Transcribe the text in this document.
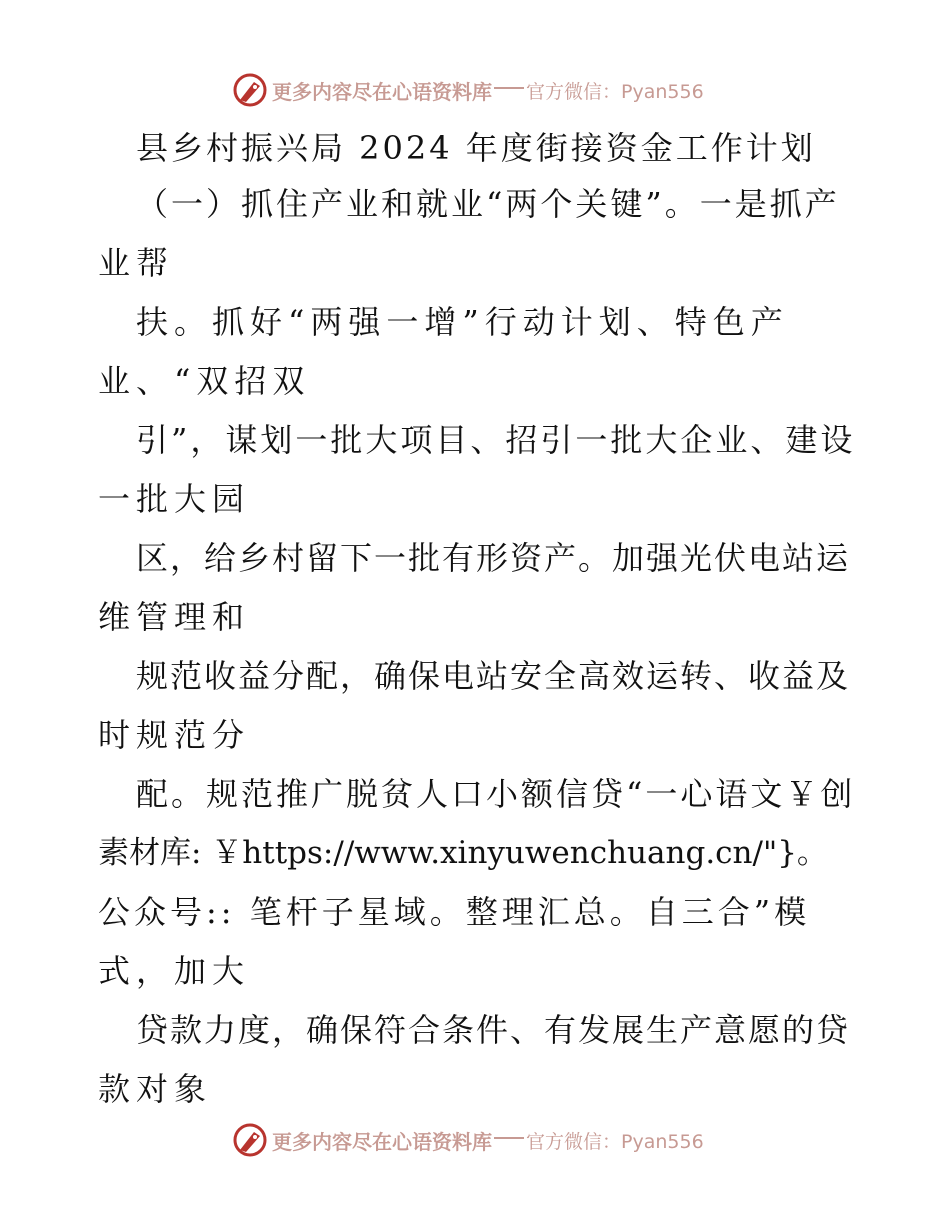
更多内容尽在心语资料库 官方微信：Pyan556
县乡村振兴局 2024 年度街接资金工作计划
（一）抓住产业和就业“两个关键”。一是抓产
业帮
扶。抓好“两强一增”行动计划、特色产
业、“双招双
引”，谋划一批大项目、招引一批大企业、建设
一批大园
区，给乡村留下一批有形资产。加强光伏电站运
维管理和
规范收益分配，确保电站安全高效运转、收益及
时规范分
配。规范推广脱贫人口小额信贷“一心语文￥创
素材库: ￥https://www.xinyuwenchuang.cn/"}。
公众号:: 笔杆子星域。整理汇总。自三合”模
式，加大
贷款力度，确保符合条件、有发展生产意愿的贷
款对象
更多内容尽在心语资料库 官方微信：Pyan556
